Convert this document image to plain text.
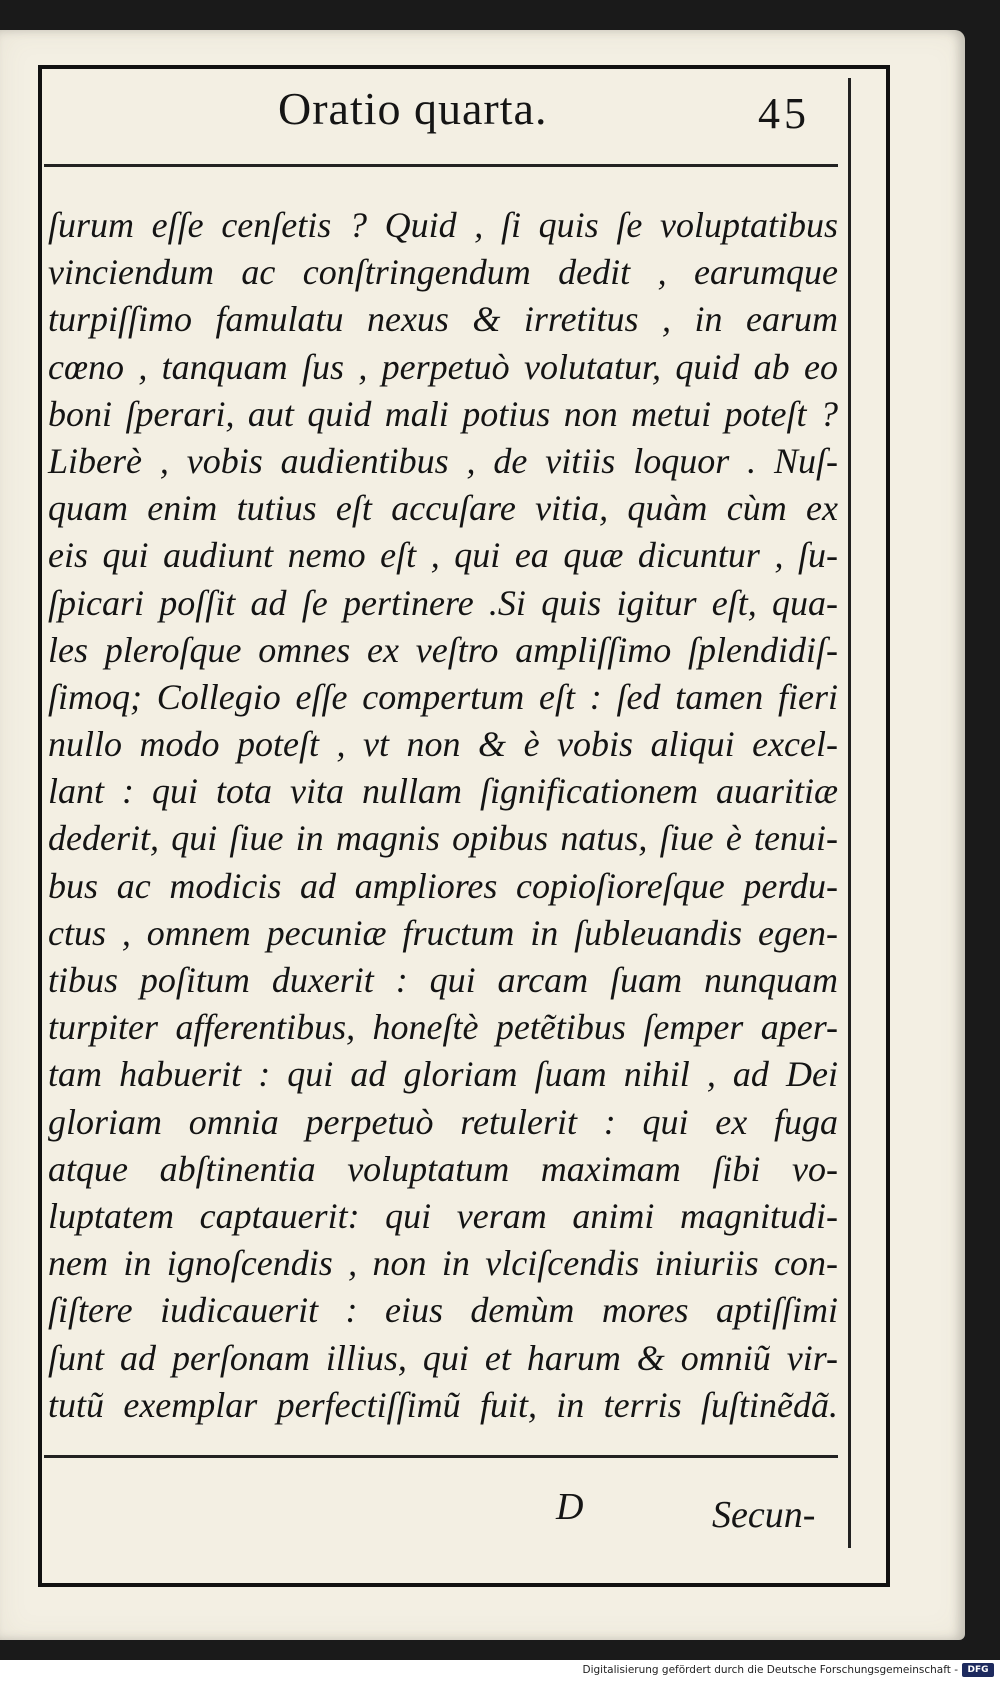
Oratio quarta.	45
ſurum eſſe cenſetis ? Quid , ſi quis ſe voluptatibus
vinciendum ac conſtringendum dedit , earumque
turpiſſimo famulatu nexus & irretitus , in earum
cœno , tanquam ſus , perpetuò volutatur, quid ab eo
boni ſperari, aut quid mali potius non metui poteſt ?
Liberè , vobis audientibus , de vitiis loquor . Nuſ-
quam enim tutius eſt accuſare vitia, quàm cùm ex
eis qui audiunt nemo eſt , qui ea quæ dicuntur , ſu-
ſpicari poſſit ad ſe pertinere .Si quis igitur eſt, qua-
les pleroſque omnes ex veſtro ampliſſimo ſplendidiſ-
ſimoq; Collegio eſſe compertum eſt : ſed tamen fieri
nullo modo poteſt , vt non & è vobis aliqui excel-
lant : qui tota vita nullam ſignificationem auaritiæ
dederit, qui ſiue in magnis opibus natus, ſiue è tenui-
bus ac modicis ad ampliores copioſioreſque perdu-
ctus , omnem pecuniæ fructum in ſubleuandis egen-
tibus poſitum duxerit : qui arcam ſuam nunquam
turpiter afferentibus, honeſtè petẽtibus ſemper aper-
tam habuerit : qui ad gloriam ſuam nihil , ad Dei
gloriam omnia perpetuò retulerit : qui ex fuga
atque abſtinentia voluptatum maximam ſibi vo-
luptatem captauerit: qui veram animi magnitudi-
nem in ignoſcendis , non in vlciſcendis iniuriis con-
ſiſtere iudicauerit : eius demùm mores aptiſſimi
ſunt ad perſonam illius, qui et harum & omniũ vir-
tutũ exemplar perfectiſſimũ fuit, in terris ſuſtinẽdã.
D	Secun-
Digitalisierung gefördert durch die Deutsche Forschungsgemeinschaft -	DFG
